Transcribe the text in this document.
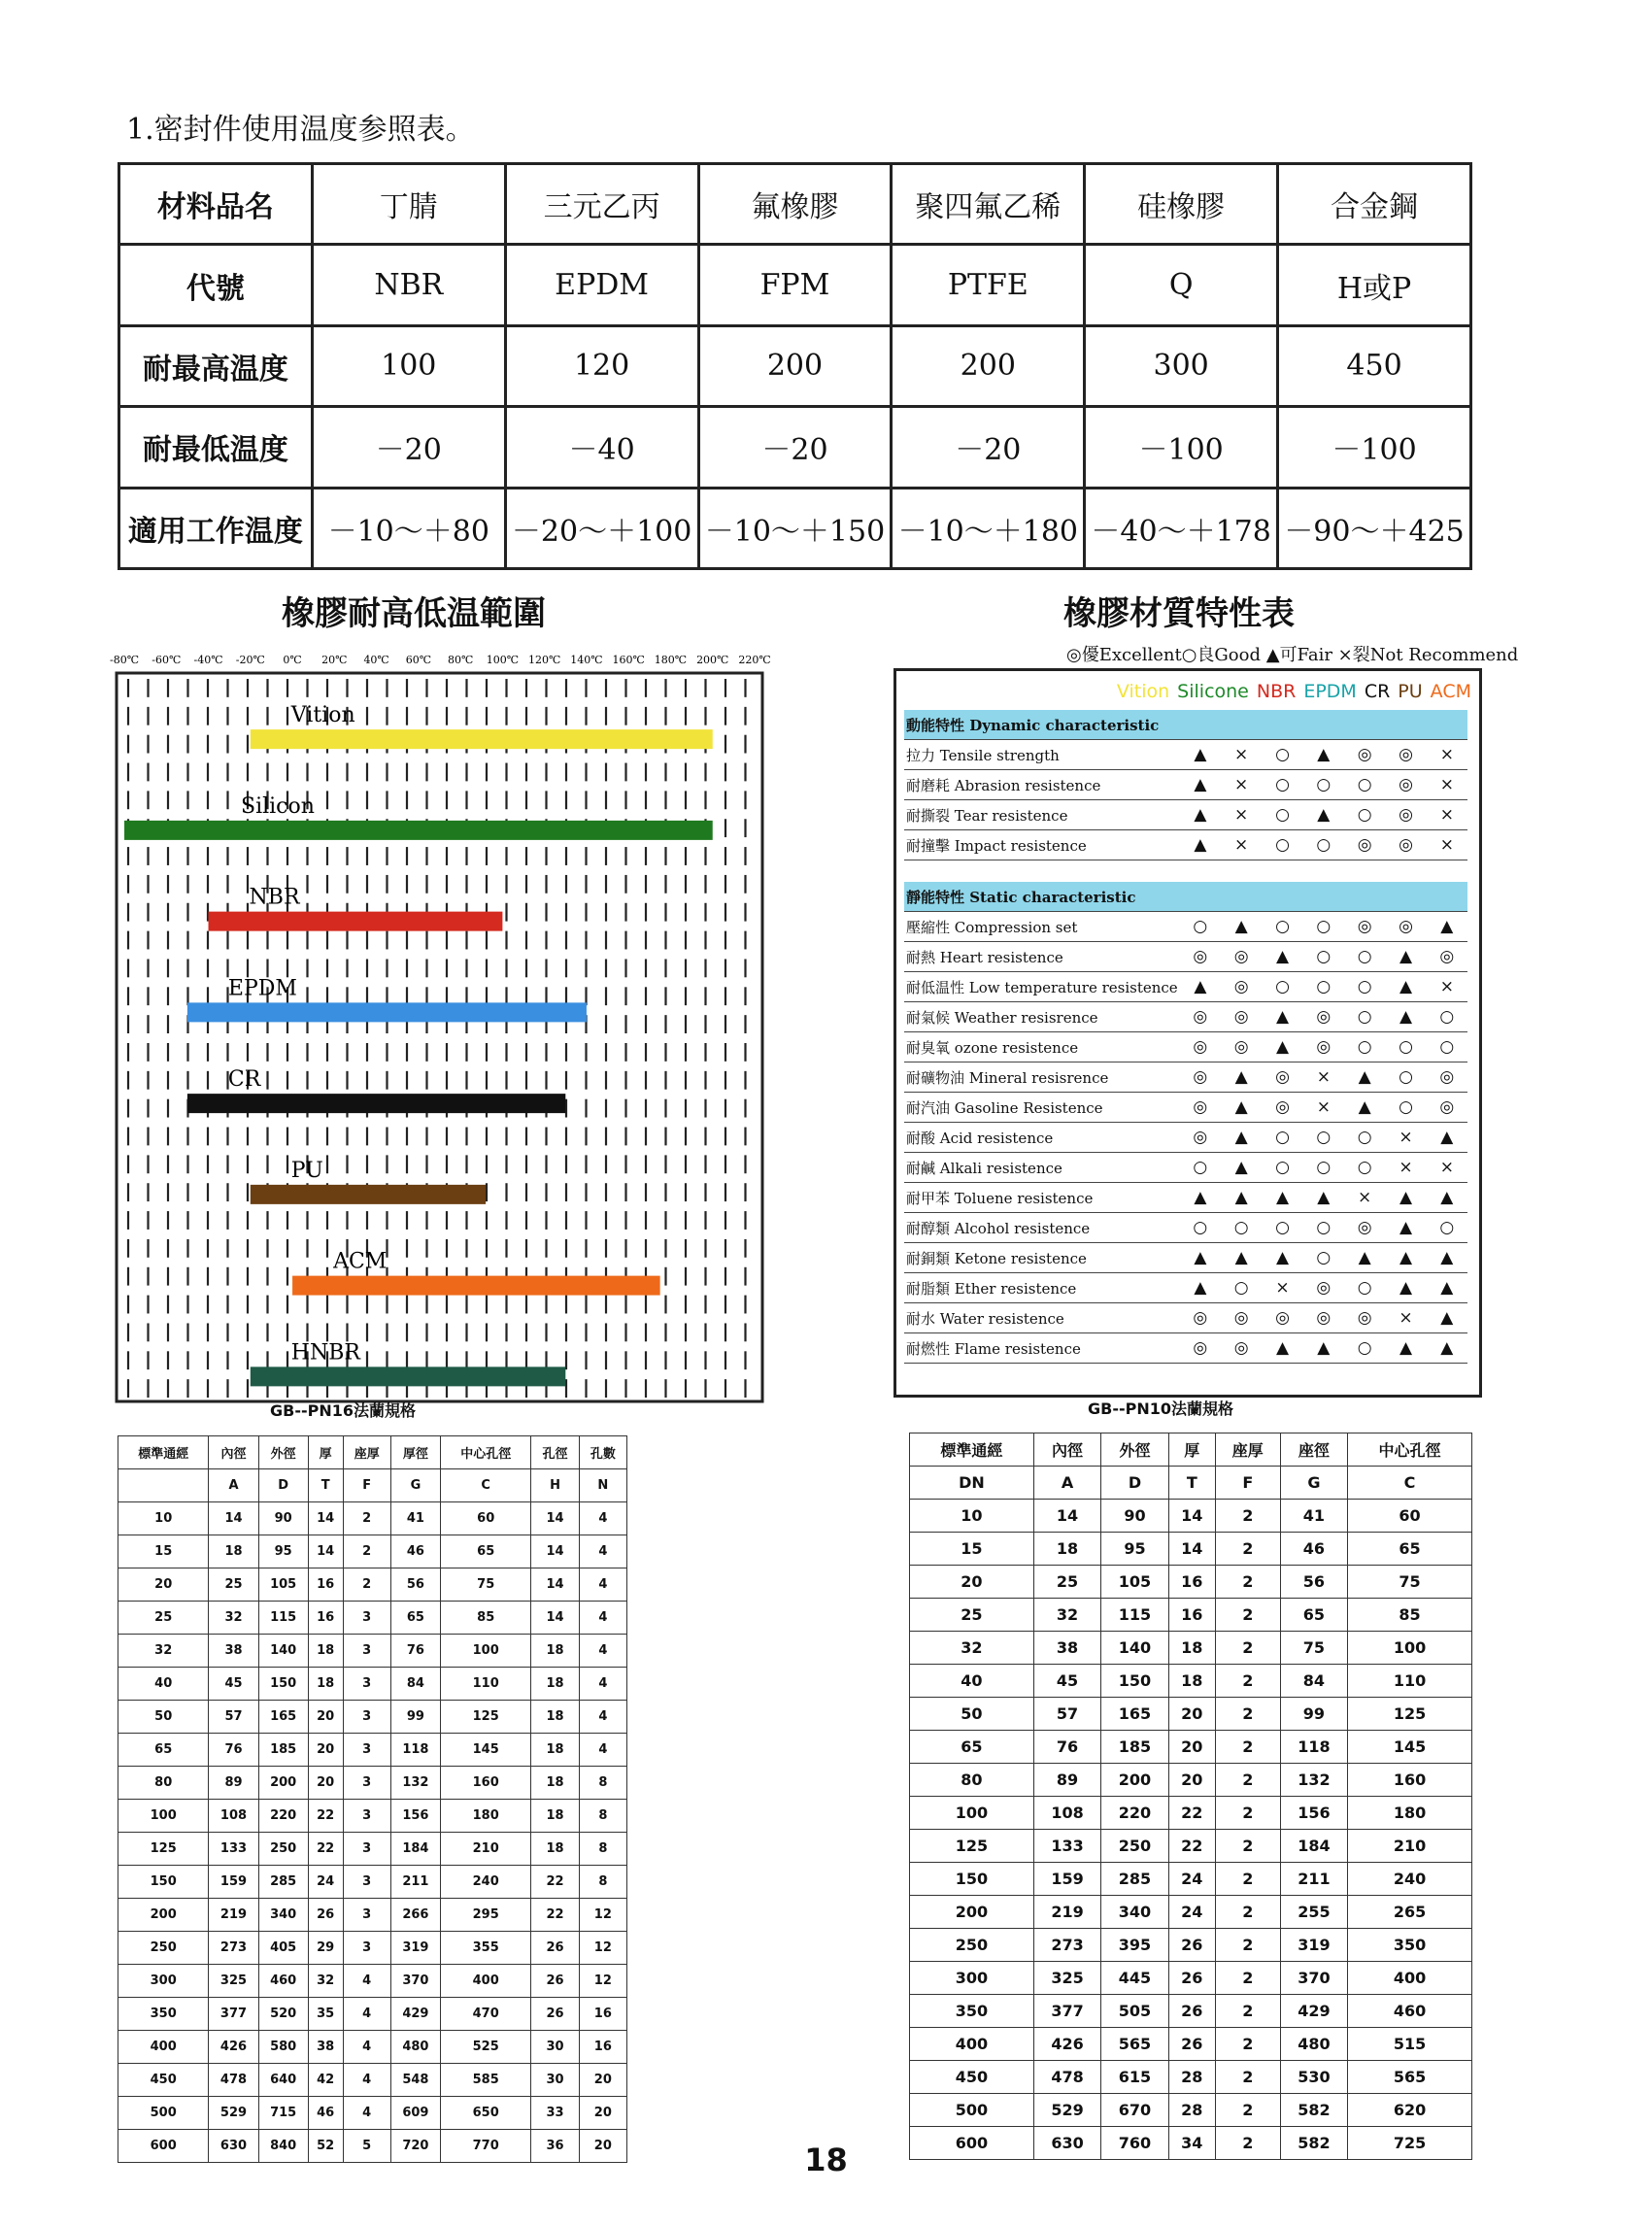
1.密封件使用温度参照表。
材料品名	丁腈	三元乙丙	氟橡膠	聚四氟乙稀	硅橡膠	合金鋼
代號	NBR	EPDM	FPM	PTFE	Q	H或P
耐最高温度	100	120	200	200	300	450
耐最低温度	－20	－40	－20	－20	－100	－100
適用工作温度	－10～＋80	－20～＋100	－10～＋150	－10～＋180	－40～＋178	－90～＋425
橡膠耐高低温範圍	橡膠材質特性表
-80℃ -60℃ -40℃ -20℃ 0℃ 20℃ 40℃ 60℃ 80℃ 100℃ 120℃ 140℃ 160℃ 180℃ 200℃ 220℃
Vition
Silicon
NBR
EPDM
CR
PU
ACM
HNBR
◎優Excellent○良Good ▲可Fair ×裂Not Recommend
Vition Silicone NBR EPDM CR PU ACM
動能特性 Dynamic characteristic							
拉力 Tensile strength	▲	×	○	▲	◎	◎	×
耐磨耗 Abrasion resistence	▲	×	○	○	○	◎	×
耐撕裂 Tear resistence	▲	×	○	▲	○	◎	×
耐撞擊 Impact resistence	▲	×	○	○	◎	◎	×

靜能特性 Static characteristic							
壓縮性 Compression set	○	▲	○	○	◎	◎	▲
耐熱 Heart resistence	◎	◎	▲	○	○	▲	◎
耐低温性 Low temperature resistence	▲	◎	○	○	○	▲	×
耐氣候 Weather resisrence	◎	◎	▲	◎	○	▲	○
耐臭氧 ozone resistence	◎	◎	▲	◎	○	○	○
耐礦物油 Mineral resisrence	◎	▲	◎	×	▲	○	◎
耐汽油 Gasoline Resistence	◎	▲	◎	×	▲	○	◎
耐酸 Acid resistence	◎	▲	○	○	○	×	▲
耐鹹 Alkali resistence	○	▲	○	○	○	×	×
耐甲苯 Toluene resistence	▲	▲	▲	▲	×	▲	▲
耐醇類 Alcohol resistence	○	○	○	○	◎	▲	○
耐銅類 Ketone resistence	▲	▲	▲	○	▲	▲	▲
耐脂類 Ether resistence	▲	○	×	◎	○	▲	▲
耐水 Water resistence	◎	◎	◎	◎	◎	×	▲
耐燃性 Flame resistence	◎	◎	▲	▲	○	▲	▲
GB--PN16法蘭規格
標準通經	內徑	外徑	厚	座厚	厚徑	中心孔徑	孔徑	孔數
	A	D	T	F	G	C	H	N
10	14	90	14	2	41	60	14	4
15	18	95	14	2	46	65	14	4
20	25	105	16	2	56	75	14	4
25	32	115	16	3	65	85	14	4
32	38	140	18	3	76	100	18	4
40	45	150	18	3	84	110	18	4
50	57	165	20	3	99	125	18	4
65	76	185	20	3	118	145	18	4
80	89	200	20	3	132	160	18	8
100	108	220	22	3	156	180	18	8
125	133	250	22	3	184	210	18	8
150	159	285	24	3	211	240	22	8
200	219	340	26	3	266	295	22	12
250	273	405	29	3	319	355	26	12
300	325	460	32	4	370	400	26	12
350	377	520	35	4	429	470	26	16
400	426	580	38	4	480	525	30	16
450	478	640	42	4	548	585	30	20
500	529	715	46	4	609	650	33	20
600	630	840	52	5	720	770	36	20
GB--PN10法蘭規格
標準通經	內徑	外徑	厚	座厚	座徑	中心孔徑
DN	A	D	T	F	G	C
10	14	90	14	2	41	60
15	18	95	14	2	46	65
20	25	105	16	2	56	75
25	32	115	16	2	65	85
32	38	140	18	2	75	100
40	45	150	18	2	84	110
50	57	165	20	2	99	125
65	76	185	20	2	118	145
80	89	200	20	2	132	160
100	108	220	22	2	156	180
125	133	250	22	2	184	210
150	159	285	24	2	211	240
200	219	340	24	2	255	265
250	273	395	26	2	319	350
300	325	445	26	2	370	400
350	377	505	26	2	429	460
400	426	565	26	2	480	515
450	478	615	28	2	530	565
500	529	670	28	2	582	620
600	630	760	34	2	582	725
18
